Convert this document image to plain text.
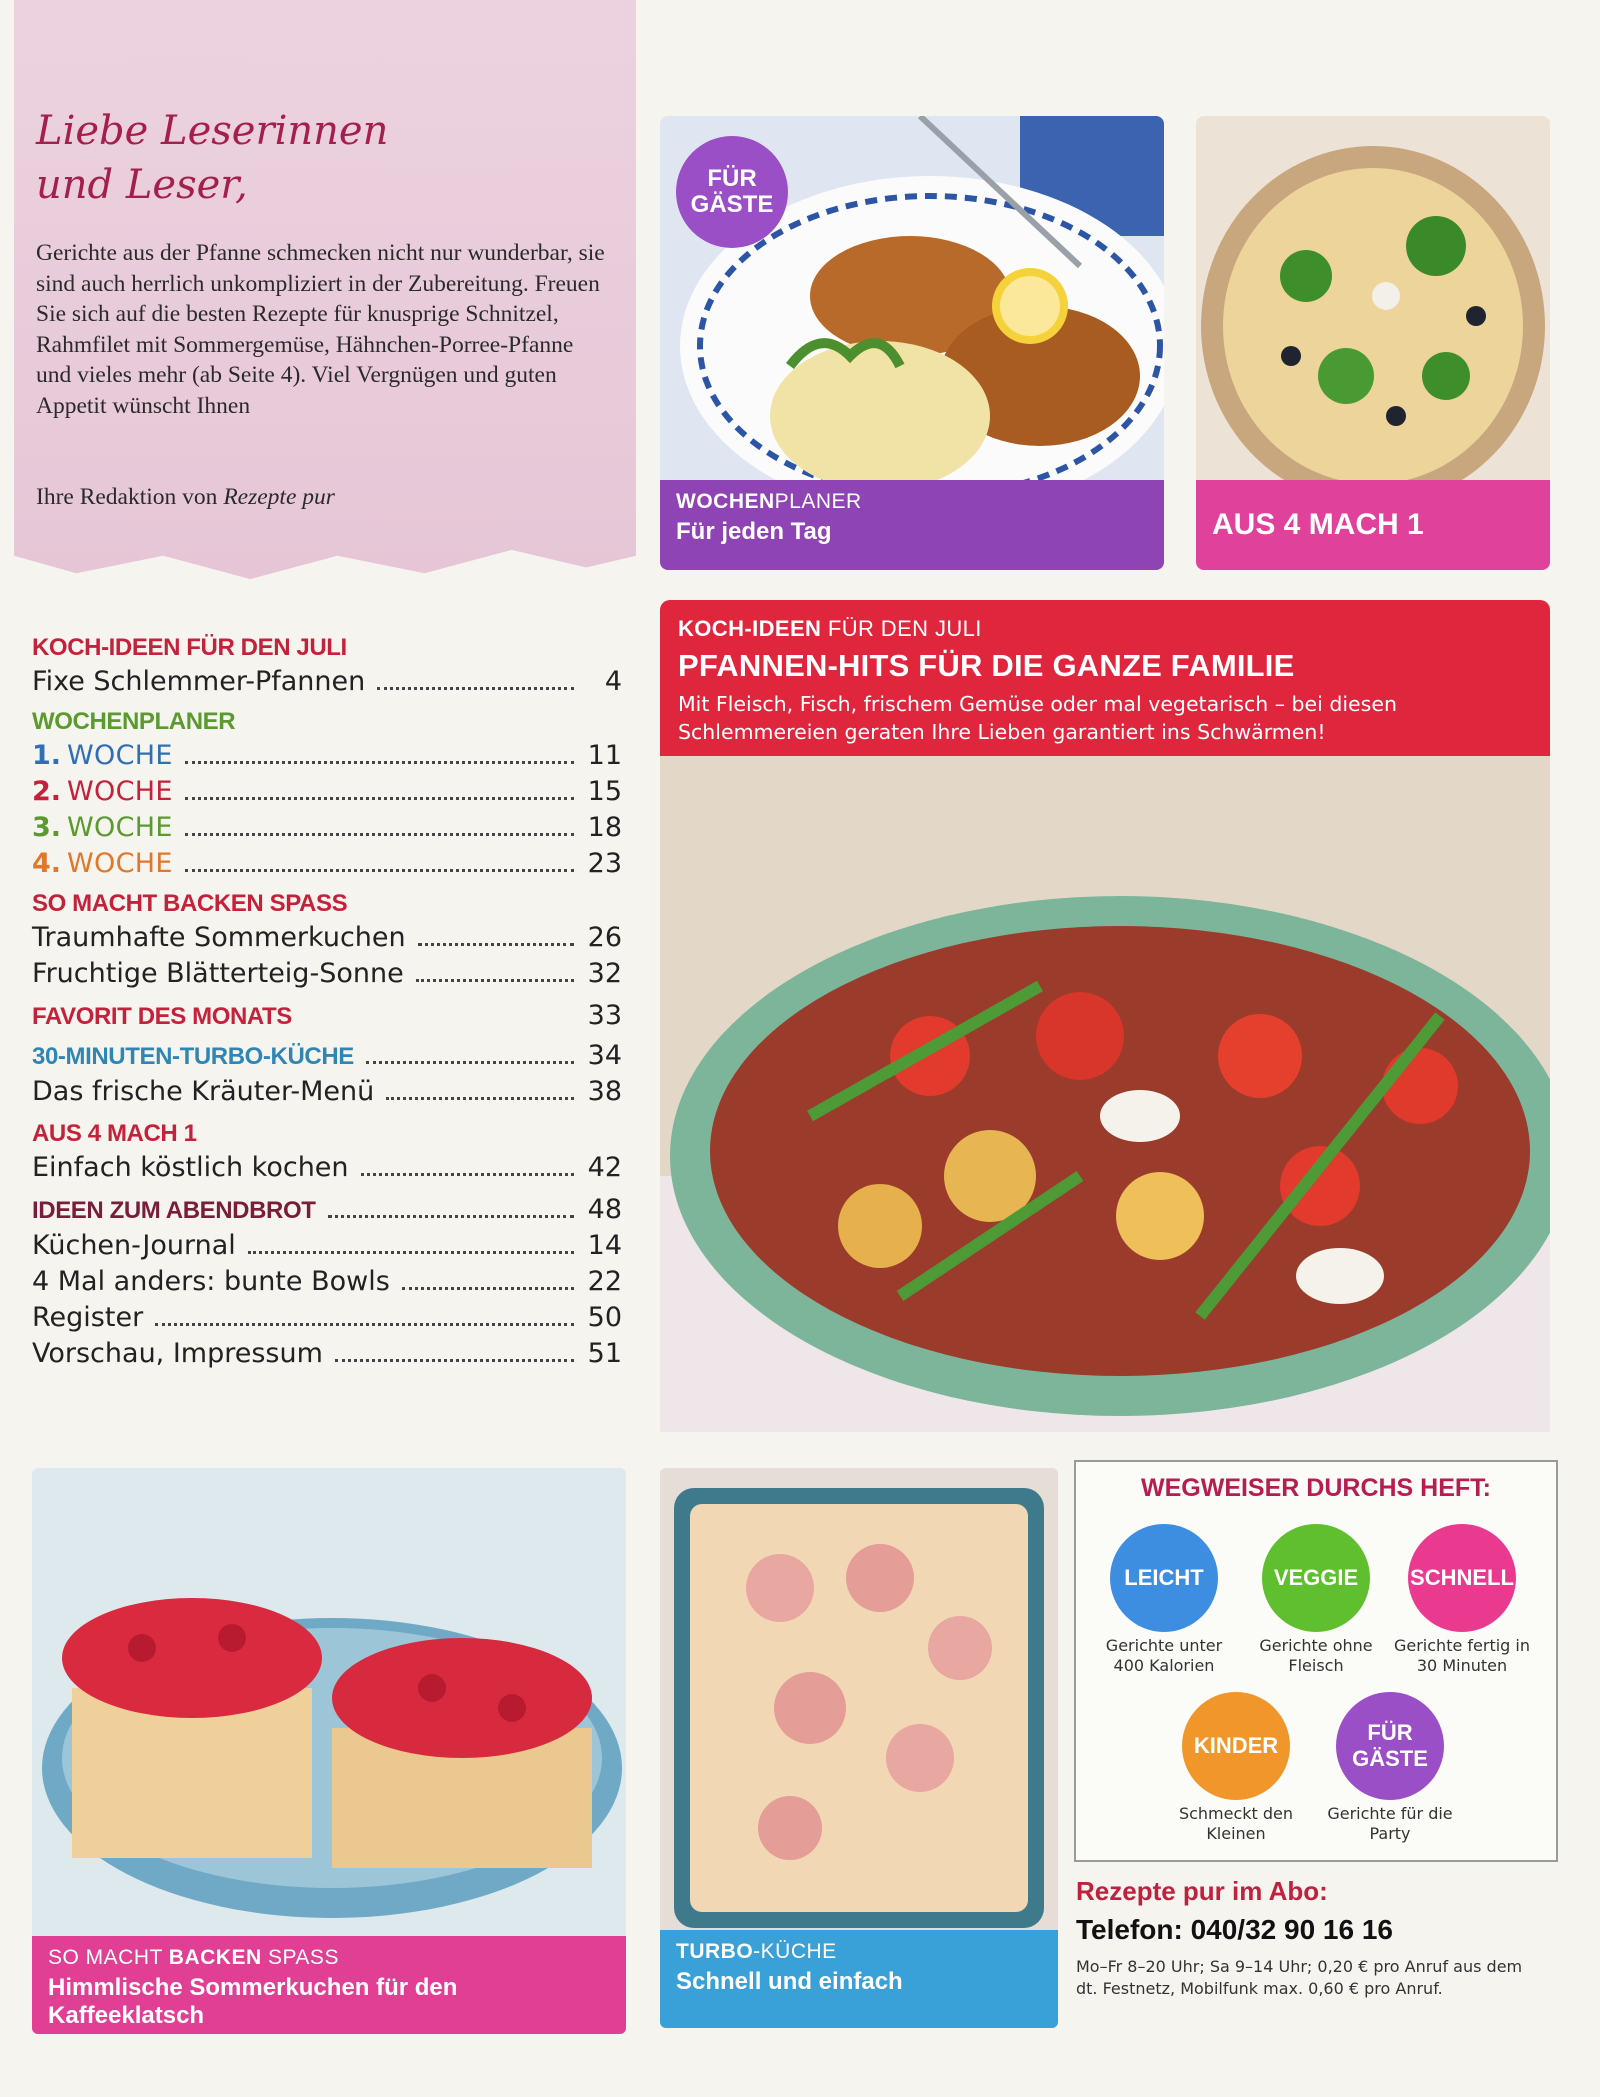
Liebe Leserinnen
und Leser,
Gerichte aus der Pfanne schmecken nicht nur wunderbar, sie sind auch herrlich unkompliziert in der Zubereitung. Freuen Sie sich auf die besten Rezepte für knusprige Schnitzel, Rahmfilet mit Sommergemüse, Hähnchen-Porree-Pfanne und vieles mehr (ab Seite 4). Viel Vergnügen und guten Appetit wünscht Ihnen
Ihre Redaktion von Rezepte pur
KOCH-IDEEN FÜR DEN JULI
Fixe Schlemmer-Pfannen	4
WOCHENPLANER
1. WOCHE	11
2. WOCHE	15
3. WOCHE	18
4. WOCHE	23
SO MACHT BACKEN SPASS
Traumhafte Sommerkuchen	26
Fruchtige Blätterteig-Sonne	32
FAVORIT DES MONATS	33
30-MINUTEN-TURBO-KÜCHE	34
Das frische Kräuter-Menü	38
AUS 4 MACH 1
Einfach köstlich kochen	42
IDEEN ZUM ABENDBROT	48
Küchen-Journal	14
4 Mal anders: bunte Bowls	22
Register	50
Vorschau, Impressum	51
FÜR GÄSTE
WOCHENPLANER
Für jeden Tag	AUS 4 MACH 1
KOCH-IDEEN FÜR DEN JULI
PFANNEN-HITS FÜR DIE GANZE FAMILIE
Mit Fleisch, Fisch, frischem Gemüse oder mal vegetarisch – bei diesen Schlemmereien geraten Ihre Lieben garantiert ins Schwärmen!
SO MACHT BACKEN SPASS
Himmlische Sommerkuchen für den Kaffeeklatsch
TURBO-KÜCHE
Schnell und einfach
WEGWEISER DURCHS HEFT:
LEICHT
Gerichte unter 400 Kalorien
VEGGIE
Gerichte ohne Fleisch
SCHNELL
Gerichte fertig in 30 Minuten
KINDER
Schmeckt den Kleinen
FÜR GÄSTE
Gerichte für die Party
Rezepte pur im Abo:
Telefon: 040/32 90 16 16
Mo–Fr 8–20 Uhr; Sa 9–14 Uhr; 0,20 € pro Anruf aus dem dt. Festnetz, Mobilfunk max. 0,60 € pro Anruf.
